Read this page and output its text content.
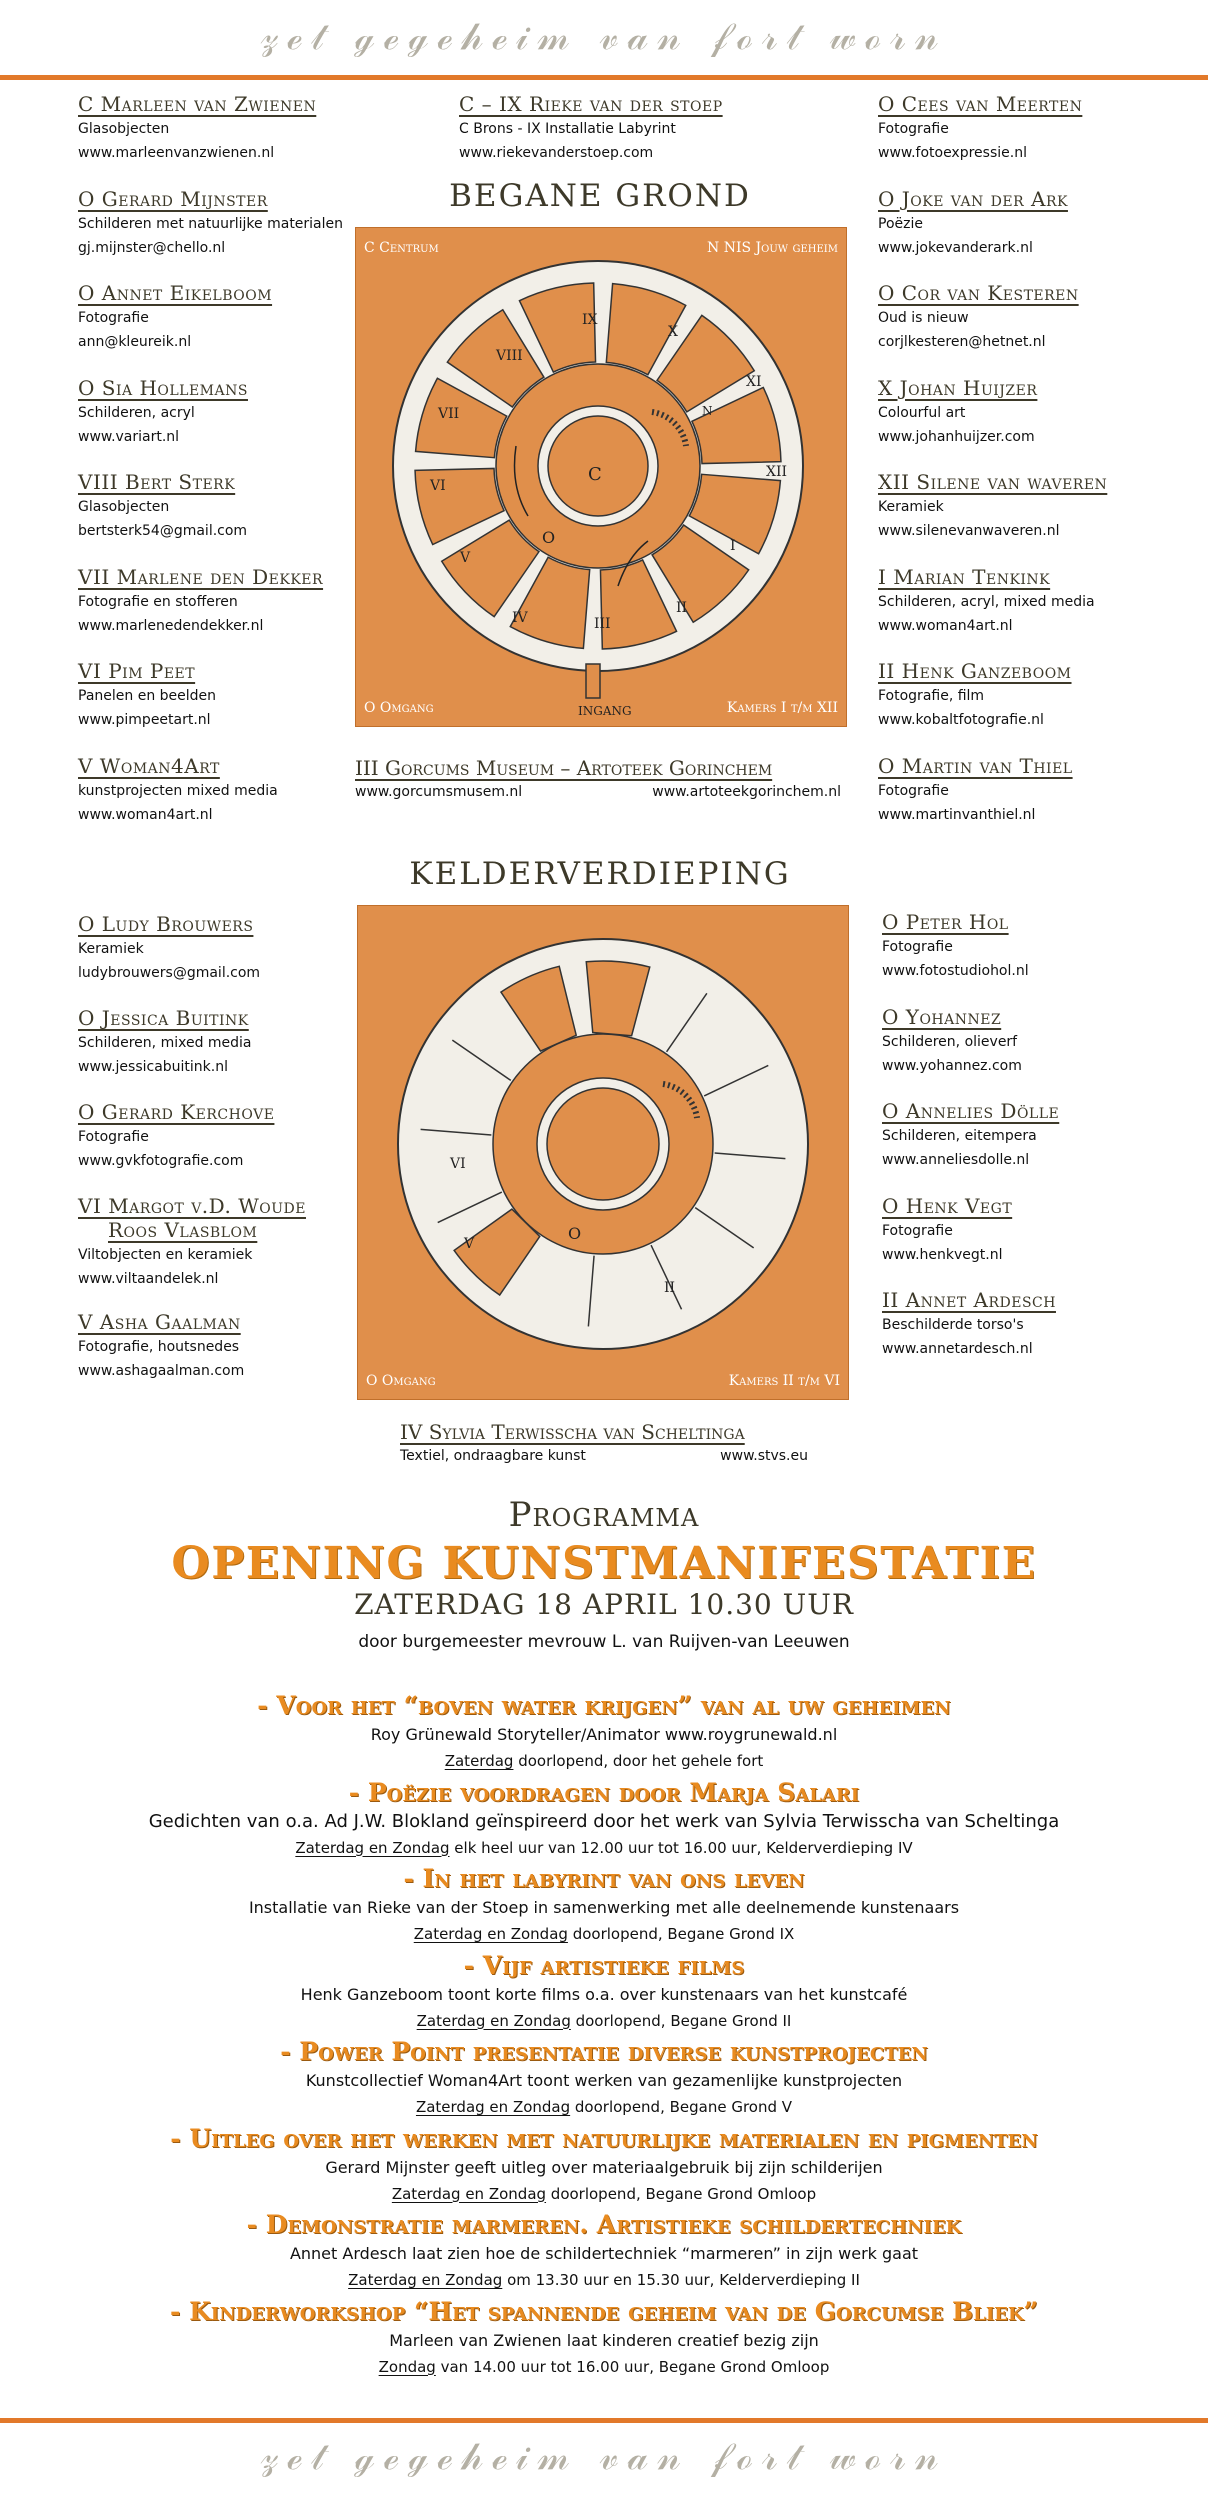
𝓏ℯ𝓉 ℊℯℊℯ𝒽ℯ𝒾𝓂 𝓋𝒶𝓃 𝒻ℴ𝓇𝓉 𝓌ℴ𝓇𝓃
C Marleen van Zwienen
Glasobjecten
www.marleenvanzwienen.nl
O Gerard Mijnster
Schilderen met natuurlijke materialen
gj.mijnster@chello.nl
O Annet Eikelboom
Fotografie
ann@kleureik.nl
O Sia Hollemans
Schilderen, acryl
www.variart.nl
VIII Bert Sterk
Glasobjecten
bertsterk54@gmail.com
VII Marlene den Dekker
Fotografie en stofferen
www.marlenedendekker.nl
VI Pim Peet
Panelen en beelden
www.pimpeetart.nl
V Woman4Art
kunstprojecten mixed media
www.woman4art.nl
O Cees van Meerten
Fotografie
www.fotoexpressie.nl
O Joke van der Ark
Poëzie
www.jokevanderark.nl
O Cor van Kesteren
Oud is nieuw
corjlkesteren@hetnet.nl
X Johan Huijzer
Colourful art
www.johanhuijzer.com
XII Silene van waveren
Keramiek
www.silenevanwaveren.nl
I Marian Tenkink
Schilderen, acryl, mixed media
www.woman4art.nl
II Henk Ganzeboom
Fotografie, film
www.kobaltfotografie.nl
O Martin van Thiel
Fotografie
www.martinvanthiel.nl
C – IX Rieke van der stoep
C Brons - IX Installatie Labyrint
www.riekevanderstoep.com
BEGANE GROND
C Centrum	N NIS Jouw geheim
O Omgang	Kamers I t/m XII
INGANG
C
O
N
I
II
III
IV
V
VI
VII
VIII
IX
X
XI
XII
III Gorcums Museum – Artoteek Gorinchem
www.gorcumsmusem.nl	www.artoteekgorinchem.nl
KELDERVERDIEPING
O Ludy Brouwers
Keramiek
ludybrouwers@gmail.com
O Jessica Buitink
Schilderen, mixed media
www.jessicabuitink.nl
O Gerard Kerchove
Fotografie
www.gvkfotografie.com
VI Margot v.D. Woude
Roos Vlasblom
Viltobjecten en keramiek
www.viltaandelek.nl
V Asha Gaalman
Fotografie, houtsnedes
www.ashagaalman.com
O Peter Hol
Fotografie
www.fotostudiohol.nl
O Yohannez
Schilderen, olieverf
www.yohannez.com
O Annelies Dölle
Schilderen, eitempera
www.anneliesdolle.nl
O Henk Vegt
Fotografie
www.henkvegt.nl
II Annet Ardesch
Beschilderde torso's
www.annetardesch.nl
O Omgang	Kamers II t/m VI
O
II
V
VI
IV Sylvia Terwisscha van Scheltinga
Textiel, ondraagbare kunst	www.stvs.eu
Programma
OPENING KUNSTMANIFESTATIE
ZATERDAG 18 APRIL 10.30 UUR
door burgemeester mevrouw L. van Ruijven-van Leeuwen
- Voor het “boven water krijgen” van al uw geheimen
Roy Grünewald Storyteller/Animator www.roygrunewald.nl
Zaterdag doorlopend, door het gehele fort
- Poëzie voordragen door Marja Salari
Gedichten van o.a. Ad J.W. Blokland geïnspireerd door het werk van Sylvia Terwisscha van Scheltinga
Zaterdag en Zondag elk heel uur van 12.00 uur tot 16.00 uur, Kelderverdieping IV
- In het labyrint van ons leven
Installatie van Rieke van der Stoep in samenwerking met alle deelnemende kunstenaars
Zaterdag en Zondag doorlopend, Begane Grond IX
- Vijf artistieke films
Henk Ganzeboom toont korte films o.a. over kunstenaars van het kunstcafé
Zaterdag en Zondag doorlopend, Begane Grond II
- Power Point presentatie diverse kunstprojecten
Kunstcollectief Woman4Art toont werken van gezamenlijke kunstprojecten
Zaterdag en Zondag doorlopend, Begane Grond V
- Uitleg over het werken met natuurlijke materialen en pigmenten
Gerard Mijnster geeft uitleg over materiaalgebruik bij zijn schilderijen
Zaterdag en Zondag doorlopend, Begane Grond Omloop
- Demonstratie marmeren. Artistieke schildertechniek
Annet Ardesch laat zien hoe de schildertechniek “marmeren” in zijn werk gaat
Zaterdag en Zondag om 13.30 uur en 15.30 uur, Kelderverdieping II
- Kinderworkshop “Het spannende geheim van de Gorcumse Bliek”
Marleen van Zwienen laat kinderen creatief bezig zijn
Zondag van 14.00 uur tot 16.00 uur, Begane Grond Omloop
𝓏ℯ𝓉 ℊℯℊℯ𝒽ℯ𝒾𝓂 𝓋𝒶𝓃 𝒻ℴ𝓇𝓉 𝓌ℴ𝓇𝓃
